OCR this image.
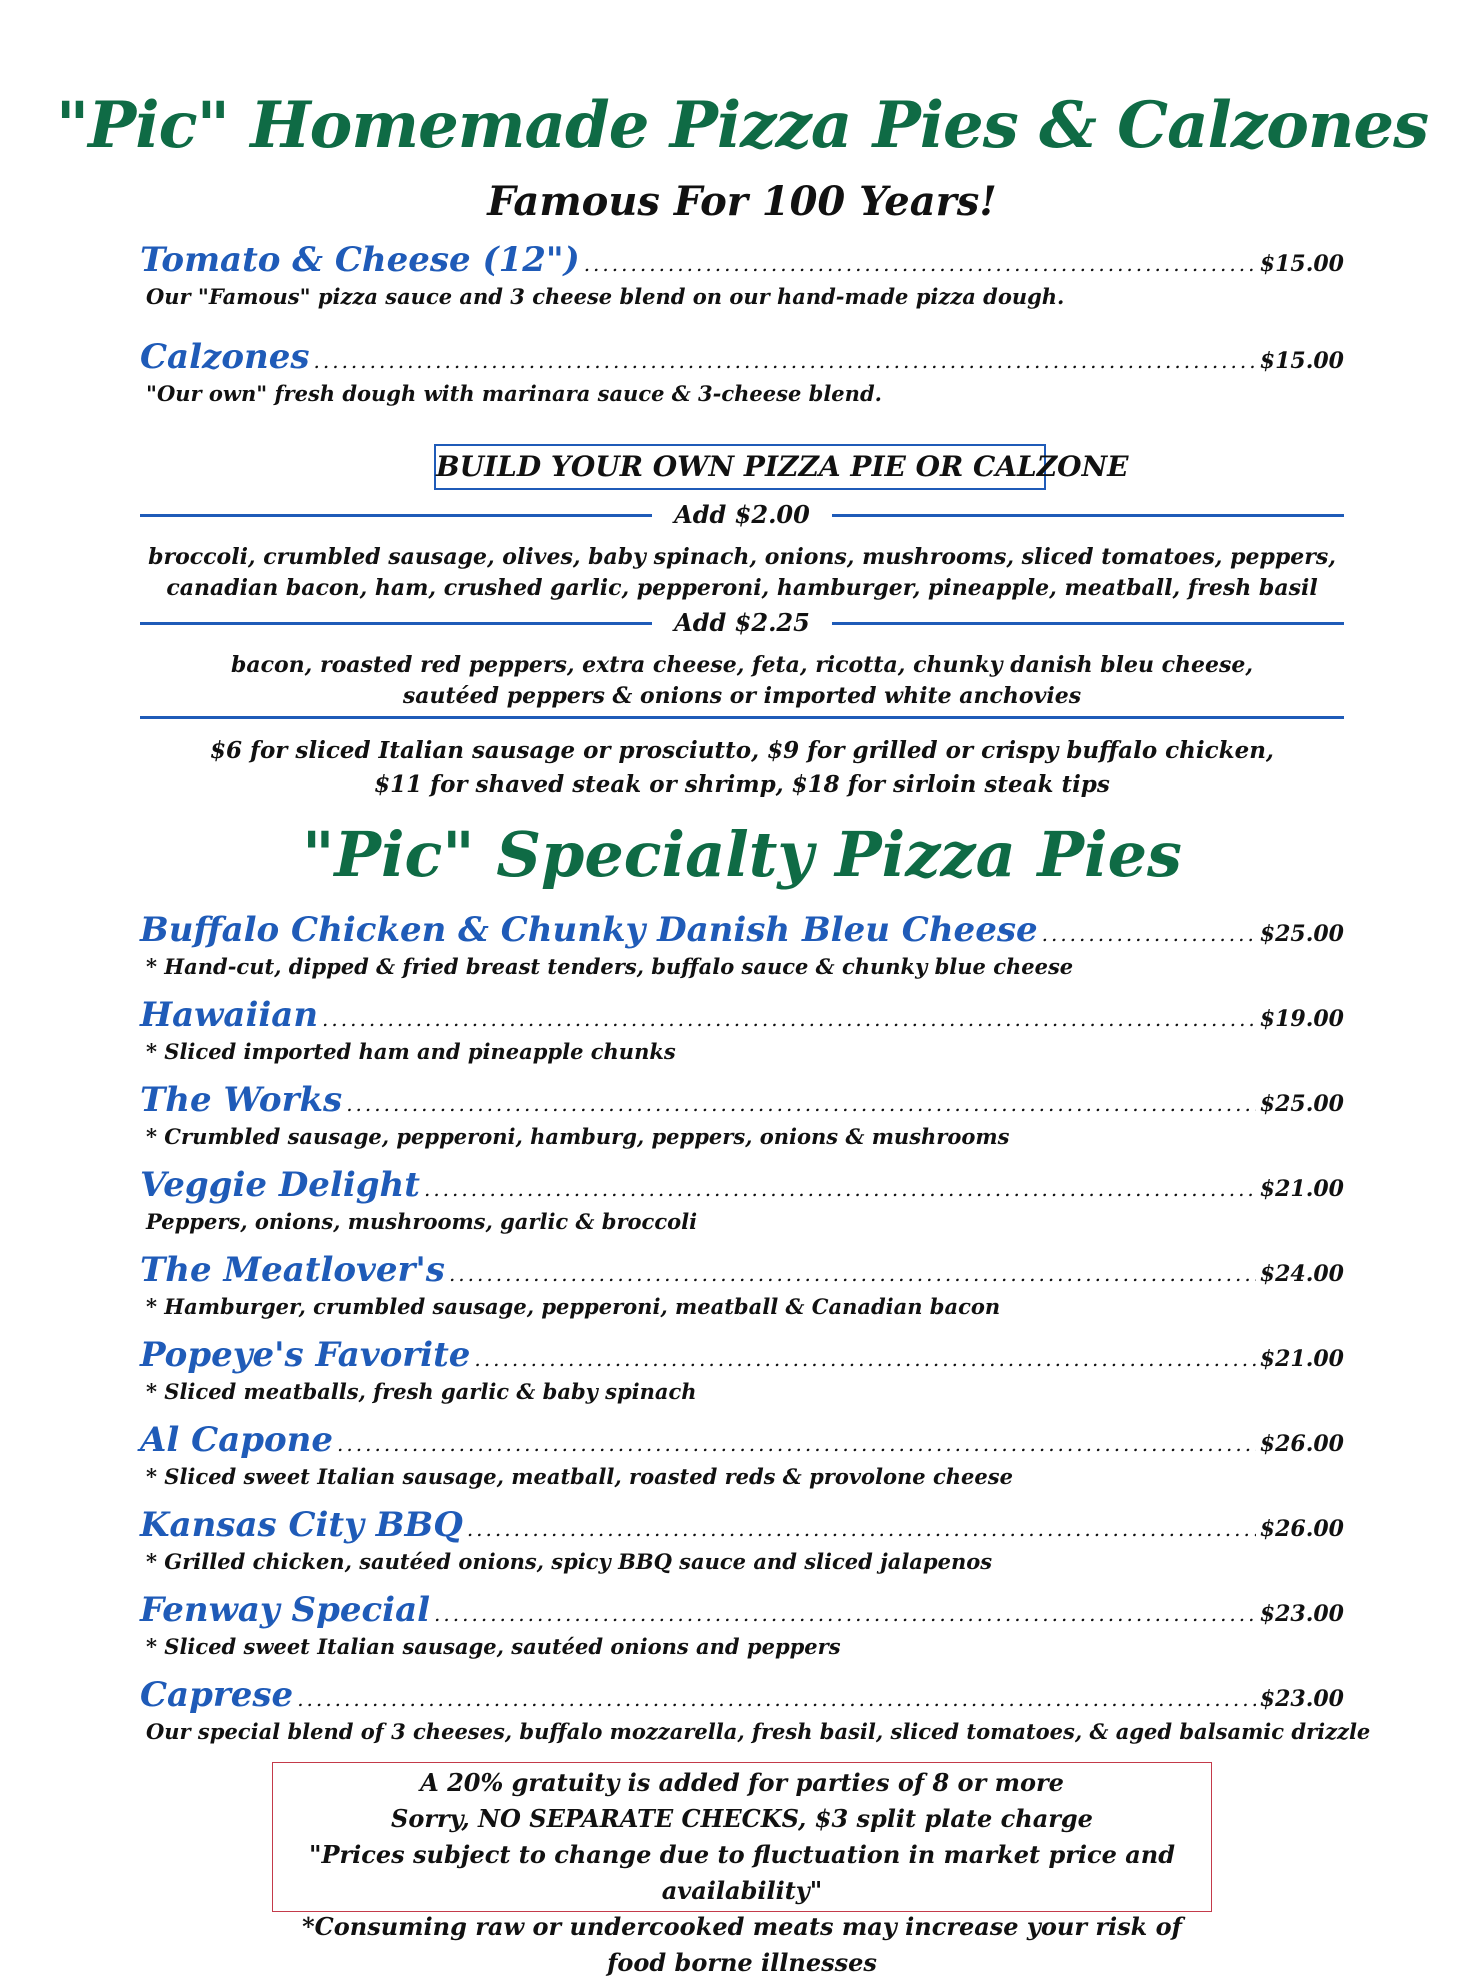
"Pic" Homemade Pizza Pies & Calzones
Famous For 100 Years!
Tomato & Cheese (12") .....	$15.00
Our "Famous" pizza sauce and 3 cheese blend on our hand-made pizza dough.
Calzones .....	$15.00
"Our own" fresh dough with marinara sauce & 3-cheese blend.
BUILD YOUR OWN PIZZA PIE OR CALZONE
Add $2.00
broccoli, crumbled sausage, olives, baby spinach, onions, mushrooms, sliced tomatoes, peppers,
canadian bacon, ham, crushed garlic, pepperoni, hamburger, pineapple, meatball, fresh basil
Add $2.25
bacon, roasted red peppers, extra cheese, feta, ricotta, chunky danish bleu cheese,
sautéed peppers & onions or imported white anchovies
$6 for sliced Italian sausage or prosciutto, $9 for grilled or crispy buffalo chicken,
$11 for shaved steak or shrimp, $18 for sirloin steak tips
"Pic" Specialty Pizza Pies
Buffalo Chicken & Chunky Danish Bleu Cheese .....	$25.00
* Hand-cut, dipped & fried breast tenders, buffalo sauce & chunky blue cheese
Hawaiian .....	$19.00
* Sliced imported ham and pineapple chunks
The Works .....	$25.00
* Crumbled sausage, pepperoni, hamburg, peppers, onions & mushrooms
Veggie Delight .....	$21.00
Peppers, onions, mushrooms, garlic & broccoli
The Meatlover's .....	$24.00
* Hamburger, crumbled sausage, pepperoni, meatball & Canadian bacon
Popeye's Favorite .....	$21.00
* Sliced meatballs, fresh garlic & baby spinach
Al Capone .....	$26.00
* Sliced sweet Italian sausage, meatball, roasted reds & provolone cheese
Kansas City BBQ .....	$26.00
* Grilled chicken, sautéed onions, spicy BBQ sauce and sliced jalapenos
Fenway Special .....	$23.00
* Sliced sweet Italian sausage, sautéed onions and peppers
Caprese .....	$23.00
Our special blend of 3 cheeses, buffalo mozzarella, fresh basil, sliced tomatoes, & aged balsamic drizzle
A 20% gratuity is added for parties of 8 or more
Sorry, NO SEPARATE CHECKS, $3 split plate charge
"Prices subject to change due to fluctuation in market price and availability"
*Consuming raw or undercooked meats may increase your risk of food borne illnesses
